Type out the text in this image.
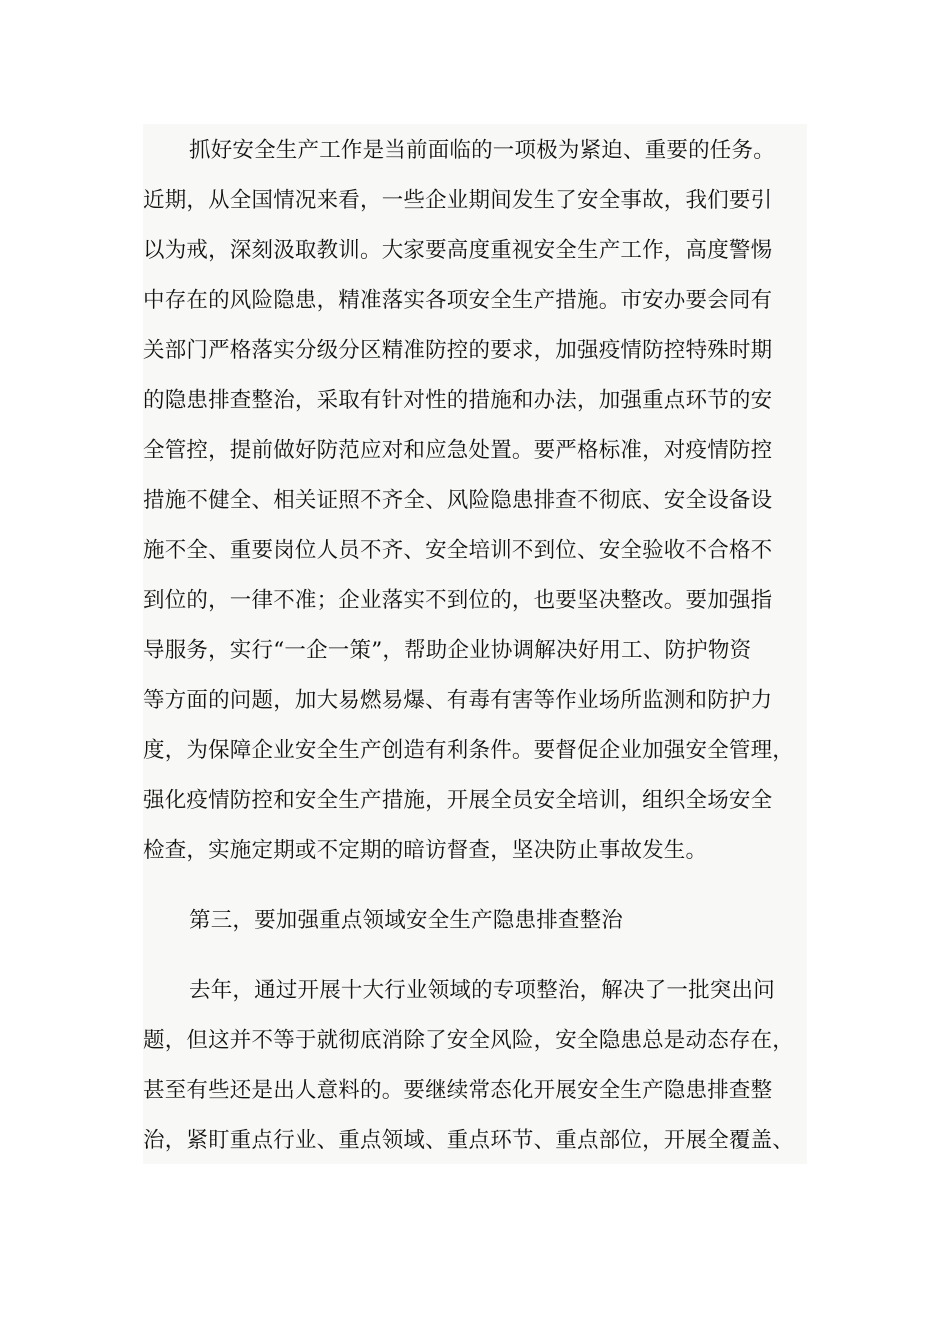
抓好安全生产工作是当前面临的一项极为紧迫、重要的任务。
近期，从全国情况来看，一些企业期间发生了安全事故，我们要引
以为戒，深刻汲取教训。大家要高度重视安全生产工作，高度警惕
中存在的风险隐患，精准落实各项安全生产措施。市安办要会同有
关部门严格落实分级分区精准防控的要求，加强疫情防控特殊时期
的隐患排查整治，采取有针对性的措施和办法，加强重点环节的安
全管控，提前做好防范应对和应急处置。要严格标准，对疫情防控
措施不健全、相关证照不齐全、风险隐患排查不彻底、安全设备设
施不全、重要岗位人员不齐、安全培训不到位、安全验收不合格不
到位的，一律不准；企业落实不到位的，也要坚决整改。要加强指
导服务，实行“一企一策”，帮助企业协调解决好用工、防护物资
等方面的问题，加大易燃易爆、有毒有害等作业场所监测和防护力
度，为保障企业安全生产创造有利条件。要督促企业加强安全管理，
强化疫情防控和安全生产措施，开展全员安全培训，组织全场安全
检查，实施定期或不定期的暗访督查，坚决防止事故发生。
第三，要加强重点领域安全生产隐患排查整治
去年，通过开展十大行业领域的专项整治，解决了一批突出问
题，但这并不等于就彻底消除了安全风险，安全隐患总是动态存在，
甚至有些还是出人意料的。要继续常态化开展安全生产隐患排查整
治，紧盯重点行业、重点领域、重点环节、重点部位，开展全覆盖、
